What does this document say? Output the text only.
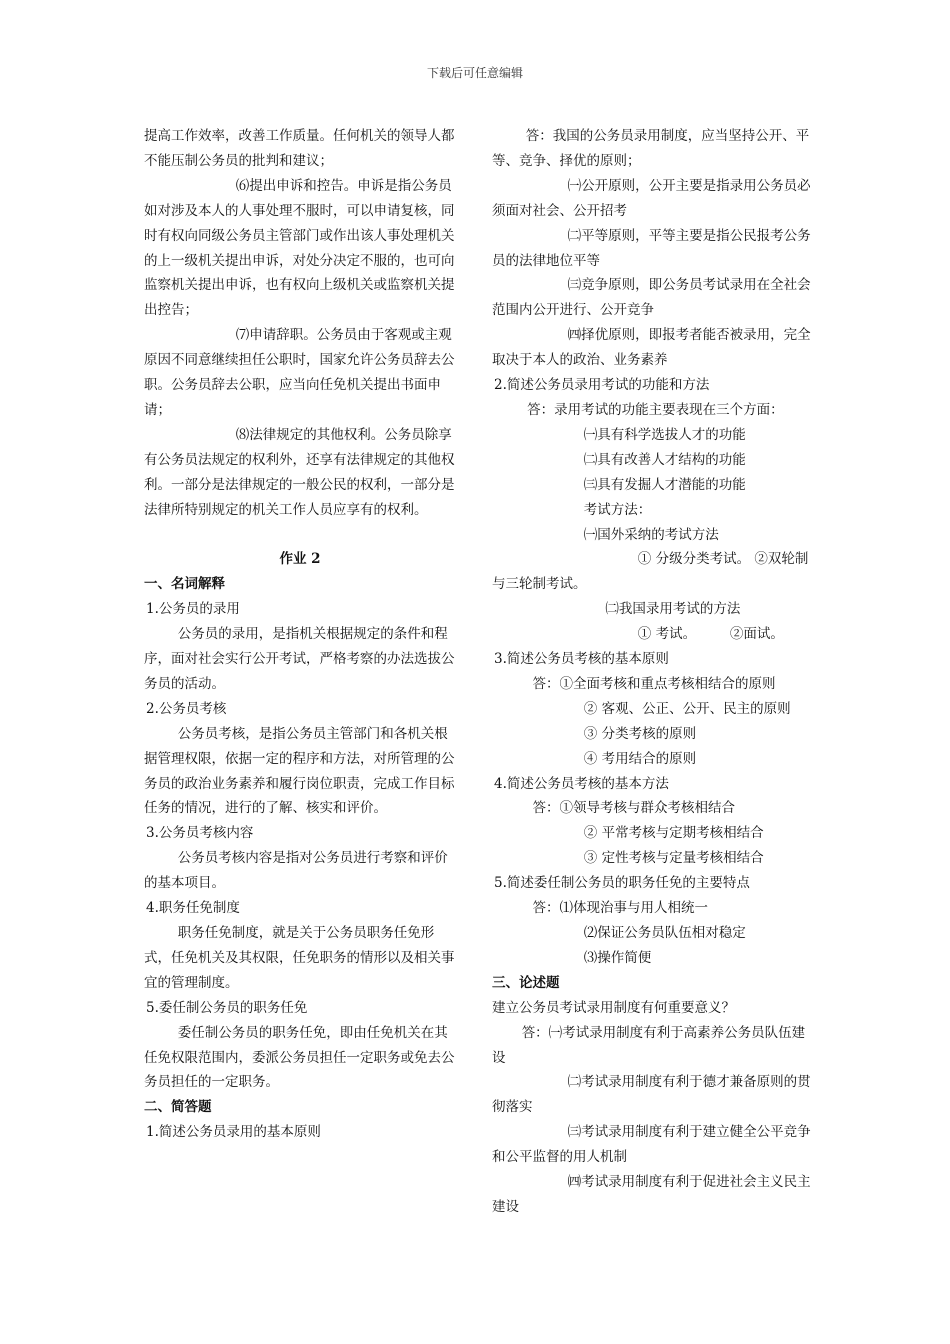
下载后可任意编辑

提高工作效率，改善工作质量。任何机关的领导人都不能压制公务员的批判和建议；

⑹提出申诉和控告。申诉是指公务员如对涉及本人的人事处理不服时，可以申请复核，同时有权向同级公务员主管部门或作出该人事处理机关的上一级机关提出申诉，对处分决定不服的，也可向监察机关提出申诉，也有权向上级机关或监察机关提出控告；

⑺申请辞职。公务员由于客观或主观原因不同意继续担任公职时，国家允许公务员辞去公职。公务员辞去公职，应当向任免机关提出书面申请；

⑻法律规定的其他权利。公务员除享有公务员法规定的权利外，还享有法律规定的其他权利。一部分是法律规定的一般公民的权利，一部分是法律所特别规定的机关工作人员应享有的权利。

作业 2

一、名词解释

1.公务员的录用

公务员的录用，是指机关根据规定的条件和程序，面对社会实行公开考试，严格考察的办法选拔公务员的活动。

2.公务员考核

公务员考核，是指公务员主管部门和各机关根据管理权限，依据一定的程序和方法，对所管理的公务员的政治业务素养和履行岗位职责，完成工作目标任务的情况，进行的了解、核实和评价。

3.公务员考核内容

公务员考核内容是指对公务员进行考察和评价的基本项目。

4.职务任免制度

职务任免制度，就是关于公务员职务任免形式，任免机关及其权限，任免职务的情形以及相关事宜的管理制度。

5.委任制公务员的职务任免

委任制公务员的职务任免，即由任免机关在其任免权限范围内，委派公务员担任一定职务或免去公务员担任的一定职务。

二、简答题

1.简述公务员录用的基本原则

答：我国的公务员录用制度，应当坚持公开、平等、竞争、择优的原则；

㈠公开原则，公开主要是指录用公务员必须面对社会、公开招考

㈡平等原则，平等主要是指公民报考公务员的法律地位平等

㈢竞争原则，即公务员考试录用在全社会范围内公开进行、公开竞争

㈣择优原则，即报考者能否被录用，完全取决于本人的政治、业务素养

2.简述公务员录用考试的功能和方法

答：录用考试的功能主要表现在三个方面：

㈠具有科学选拔人才的功能

㈡具有改善人才结构的功能

㈢具有发掘人才潜能的功能

考试方法：

㈠国外采纳的考试方法

① 分级分类考试。 ②双轮制与三轮制考试。

㈡我国录用考试的方法

① 考试。　　　②面试。

3.简述公务员考核的基本原则

答：①全面考核和重点考核相结合的原则

② 客观、公正、公开、民主的原则

③ 分类考核的原则

④ 考用结合的原则

4.简述公务员考核的基本方法

答：①领导考核与群众考核相结合

② 平常考核与定期考核相结合

③ 定性考核与定量考核相结合

5.简述委任制公务员的职务任免的主要特点

答：⑴体现治事与用人相统一

⑵保证公务员队伍相对稳定

⑶操作简便

三、论述题

建立公务员考试录用制度有何重要意义？

答：㈠考试录用制度有利于高素养公务员队伍建设

㈡考试录用制度有利于德才兼备原则的贯彻落实

㈢考试录用制度有利于建立健全公平竞争和公平监督的用人机制

㈣考试录用制度有利于促进社会主义民主建设
